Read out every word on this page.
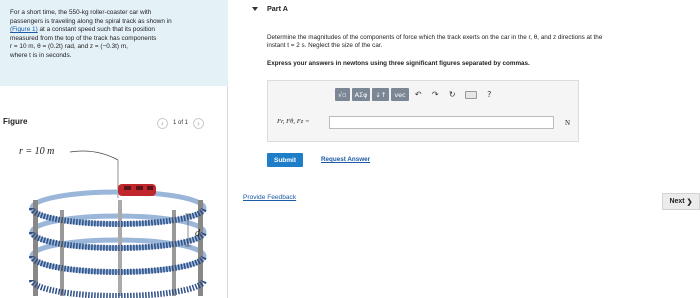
For a short time, the 550-kg roller-coaster car with
passengers is traveling along the spiral track as shown in
(Figure 1) at a constant speed such that its position
measured from the top of the track has components
r = 10 m, θ = (0.2t) rad, and z = (−0.3t) m,
where t is in seconds.
Figure	‹	1 of 1	›
r = 10 m
d
Part A
Determine the magnitudes of the components of force which the track exerts on the car in the r, θ, and z directions at the
instant t = 2 s. Neglect the size of the car.
Express your answers in newtons using three significant figures separated by commas.
√▫	ΑΣφ	↓↑	vec	↶	↷	↻	?
Fr, Fθ, Fz =	N
Submit	Request Answer
Provide Feedback
Next ❯
